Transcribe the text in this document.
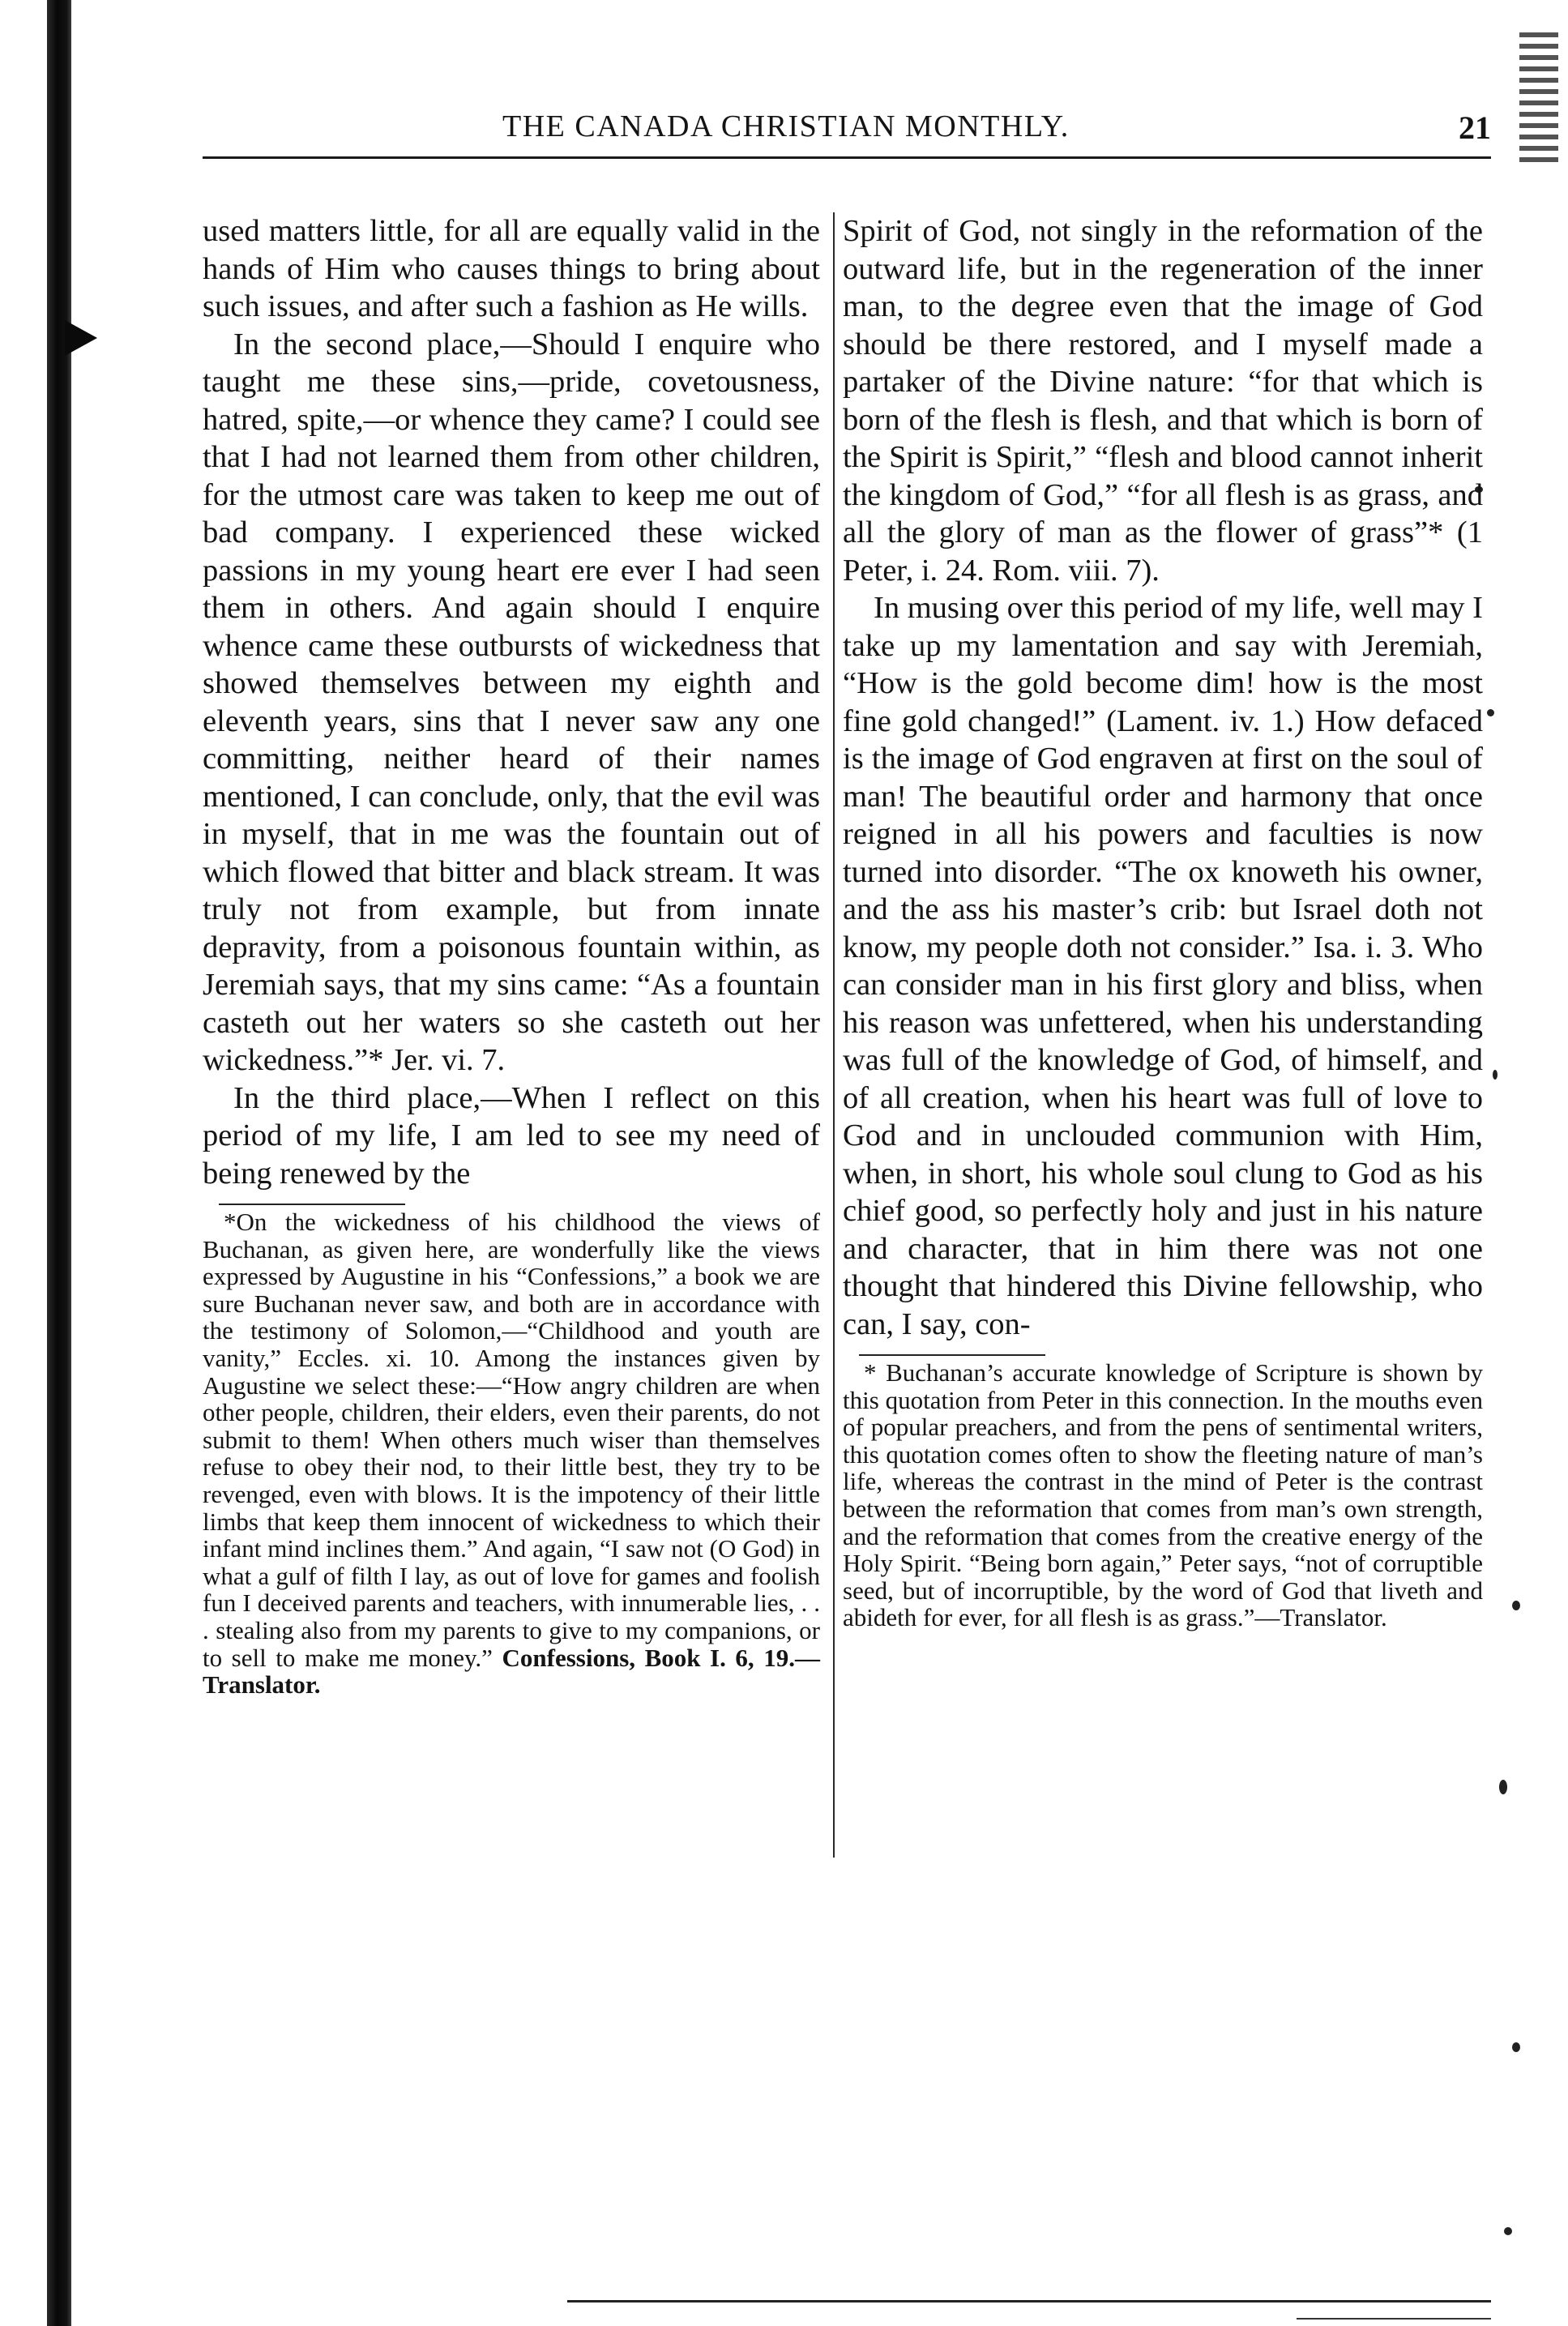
THE CANADA CHRISTIAN MONTHLY.	21

used matters little, for all are equally valid in the hands of Him who causes things to bring about such issues, and after such a fashion as He wills.

In the second place,—Should I enquire who taught me these sins,—pride, covetousness, hatred, spite,—or whence they came? I could see that I had not learned them from other children, for the utmost care was taken to keep me out of bad company. I experienced these wicked passions in my young heart ere ever I had seen them in others. And again should I enquire whence came these outbursts of wickedness that showed themselves between my eighth and eleventh years, sins that I never saw any one committing, neither heard of their names mentioned, I can conclude, only, that the evil was in myself, that in me was the fountain out of which flowed that bitter and black stream. It was truly not from example, but from innate depravity, from a poisonous fountain within, as Jeremiah says, that my sins came: “As a fountain casteth out her waters so she casteth out her wickedness.”* Jer. vi. 7.

In the third place,—When I reflect on this period of my life, I am led to see my need of being renewed by the

*On the wickedness of his childhood the views of Buchanan, as given here, are wonderfully like the views expressed by Augustine in his “Confessions,” a book we are sure Buchanan never saw, and both are in accordance with the testimony of Solomon,—“Childhood and youth are vanity,” Eccles. xi. 10. Among the instances given by Augustine we select these:—“How angry children are when other people, children, their elders, even their parents, do not submit to them! When others much wiser than themselves refuse to obey their nod, to their little best, they try to be revenged, even with blows. It is the impotency of their little limbs that keep them innocent of wickedness to which their infant mind inclines them.” And again, “I saw not (O God) in what a gulf of filth I lay, as out of love for games and foolish fun I deceived parents and teachers, with innumerable lies, . . . stealing also from my parents to give to my companions, or to sell to make me money.” Confessions, Book I. 6, 19.—Translator.

Spirit of God, not singly in the reformation of the outward life, but in the regeneration of the inner man, to the degree even that the image of God should be there restored, and I myself made a partaker of the Divine nature: “for that which is born of the flesh is flesh, and that which is born of the Spirit is Spirit,” “flesh and blood cannot inherit the kingdom of God,” “for all flesh is as grass, and all the glory of man as the flower of grass”* (1 Peter, i. 24. Rom. viii. 7).

In musing over this period of my life, well may I take up my lamentation and say with Jeremiah, “How is the gold become dim! how is the most fine gold changed!” (Lament. iv. 1.) How defaced is the image of God engraven at first on the soul of man! The beautiful order and harmony that once reigned in all his powers and faculties is now turned into disorder. “The ox knoweth his owner, and the ass his master’s crib: but Israel doth not know, my people doth not consider.” Isa. i. 3. Who can consider man in his first glory and bliss, when his reason was unfettered, when his understanding was full of the knowledge of God, of himself, and of all creation, when his heart was full of love to God and in unclouded communion with Him, when, in short, his whole soul clung to God as his chief good, so perfectly holy and just in his nature and character, that in him there was not one thought that hindered this Divine fellowship, who can, I say, con-

* Buchanan’s accurate knowledge of Scripture is shown by this quotation from Peter in this connection. In the mouths even of popular preachers, and from the pens of sentimental writers, this quotation comes often to show the fleeting nature of man’s life, whereas the contrast in the mind of Peter is the contrast between the reformation that comes from man’s own strength, and the reformation that comes from the creative energy of the Holy Spirit. “Being born again,” Peter says, “not of corruptible seed, but of incorruptible, by the word of God that liveth and abideth for ever, for all flesh is as grass.”—Translator.
